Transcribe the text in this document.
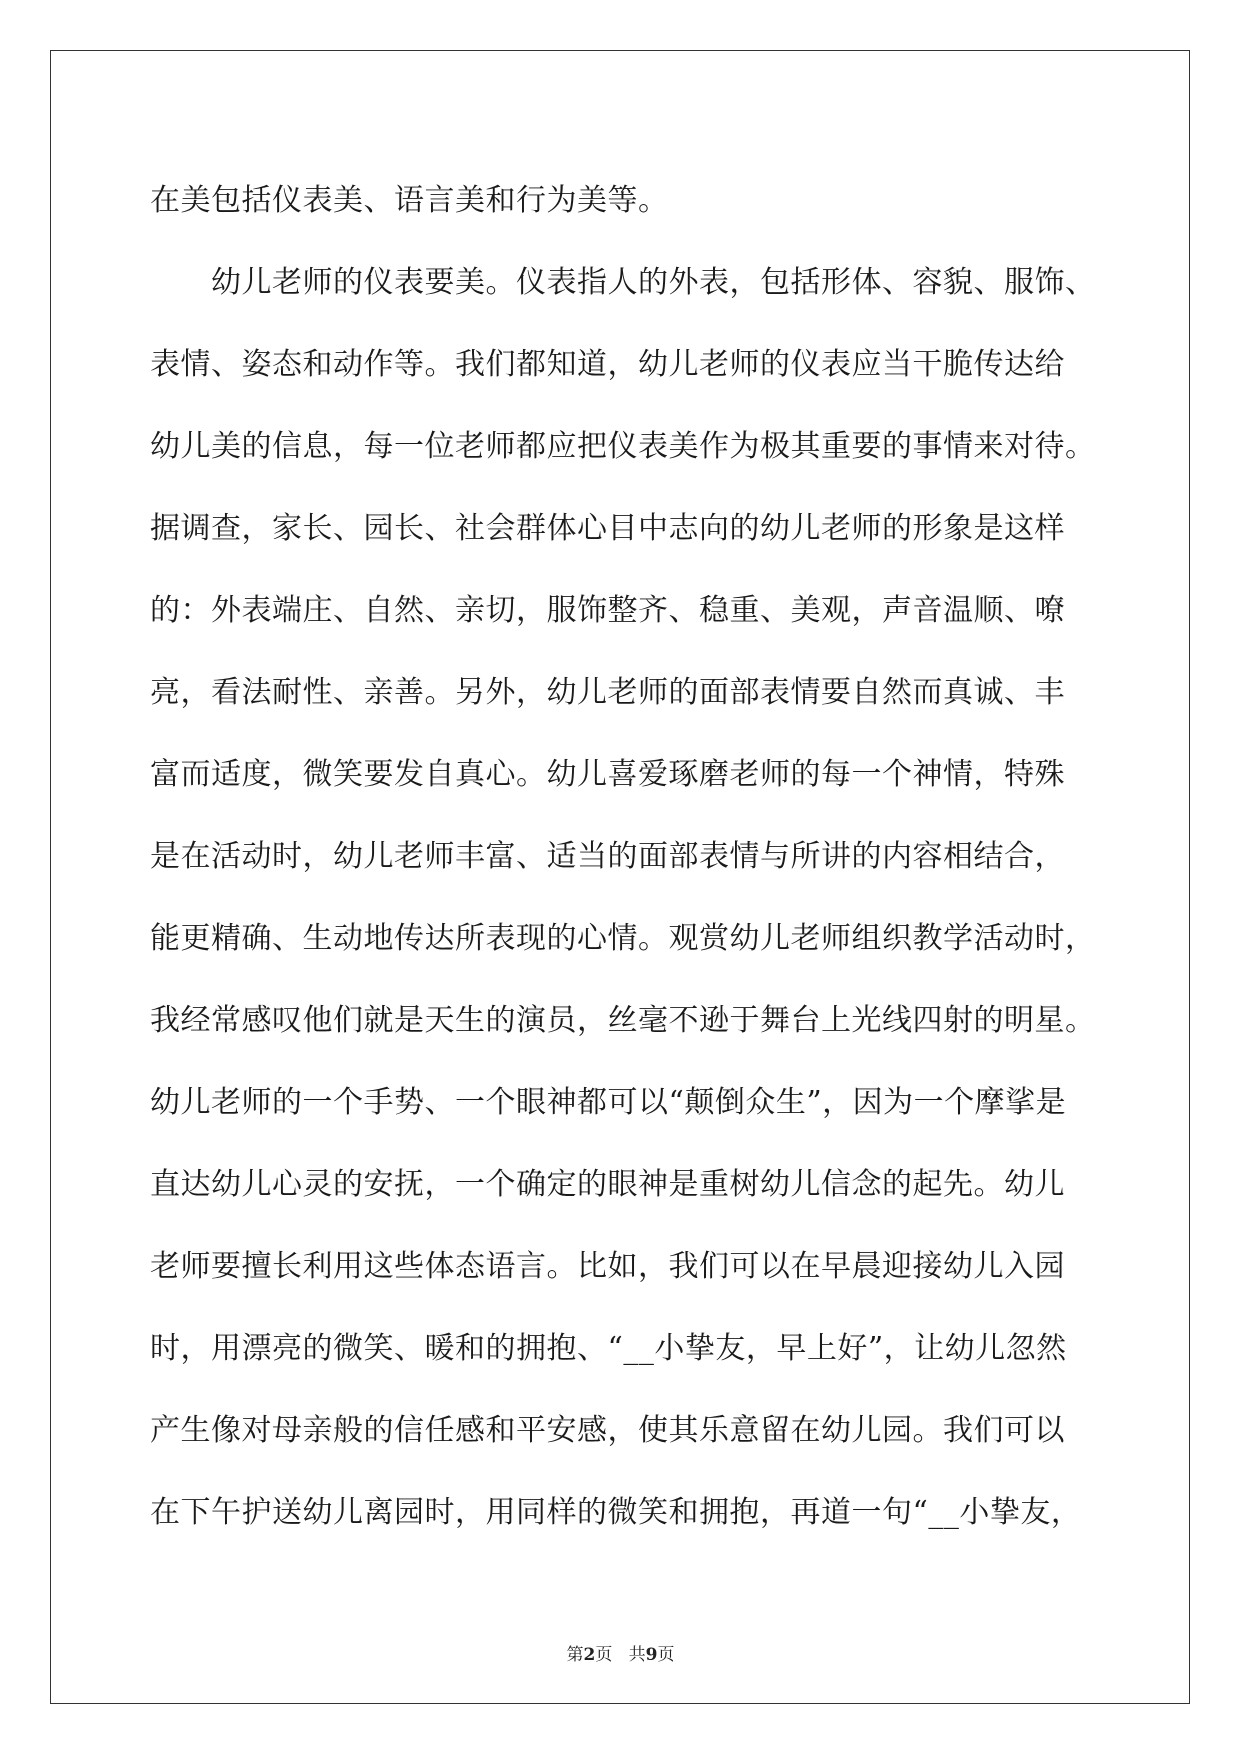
在美包括仪表美、语言美和行为美等。
　　幼儿老师的仪表要美。仪表指人的外表，包括形体、容貌、服饰、
表情、姿态和动作等。我们都知道，幼儿老师的仪表应当干脆传达给
幼儿美的信息，每一位老师都应把仪表美作为极其重要的事情来对待。
据调查，家长、园长、社会群体心目中志向的幼儿老师的形象是这样
的：外表端庄、自然、亲切，服饰整齐、稳重、美观，声音温顺、嘹
亮，看法耐性、亲善。另外，幼儿老师的面部表情要自然而真诚、丰
富而适度，微笑要发自真心。幼儿喜爱琢磨老师的每一个神情，特殊
是在活动时，幼儿老师丰富、适当的面部表情与所讲的内容相结合，
能更精确、生动地传达所表现的心情。观赏幼儿老师组织教学活动时，
我经常感叹他们就是天生的演员，丝毫不逊于舞台上光线四射的明星。
幼儿老师的一个手势、一个眼神都可以“颠倒众生”，因为一个摩挲是
直达幼儿心灵的安抚，一个确定的眼神是重树幼儿信念的起先。幼儿
老师要擅长利用这些体态语言。比如，我们可以在早晨迎接幼儿入园
时，用漂亮的微笑、暖和的拥抱、“__小挚友，早上好”，让幼儿忽然
产生像对母亲般的信任感和平安感，使其乐意留在幼儿园。我们可以
在下午护送幼儿离园时，用同样的微笑和拥抱，再道一句“__小挚友，
第2页 共9页
